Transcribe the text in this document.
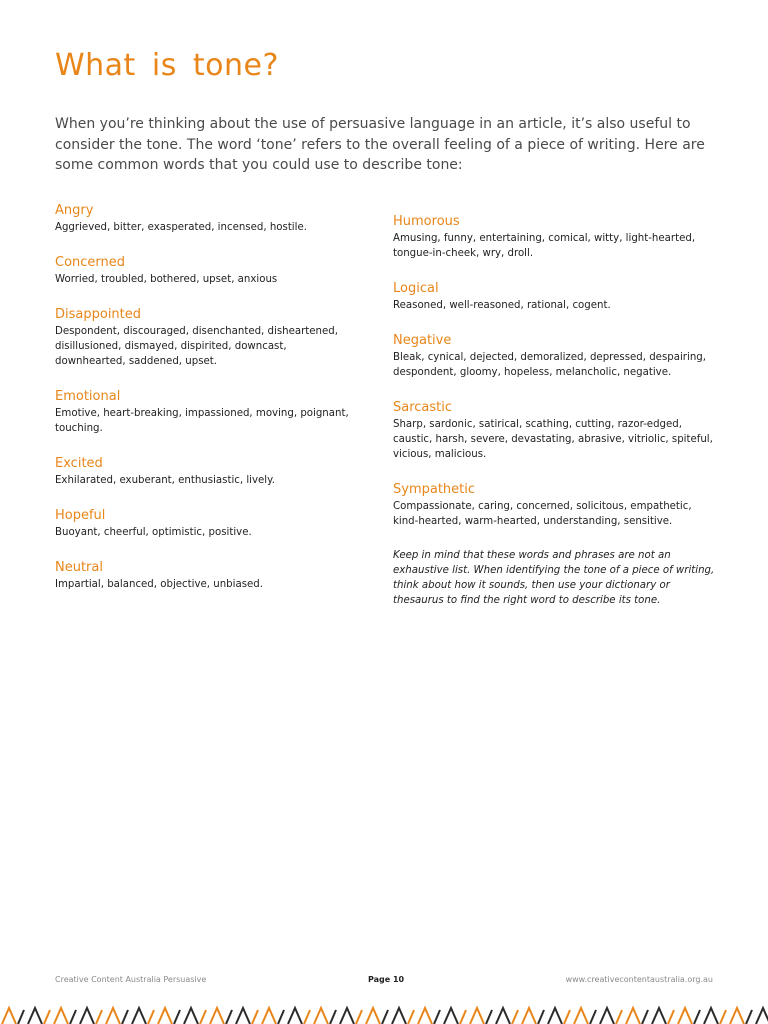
What is tone?

When you’re thinking about the use of persuasive language in an article, it’s also useful to consider the tone. The word ‘tone’ refers to the overall feeling of a piece of writing. Here are some common words that you could use to describe tone:

Angry

Aggrieved, bitter, exasperated, incensed, hostile.

Concerned

Worried, troubled, bothered, upset, anxious

Disappointed

Despondent, discouraged, disenchanted, disheartened, disillusioned, dismayed, dispirited, downcast, downhearted, saddened, upset.

Emotional

Emotive, heart-breaking, impassioned, moving, poignant, touching.

Excited

Exhilarated, exuberant, enthusiastic, lively.

Hopeful

Buoyant, cheerful, optimistic, positive.

Neutral

Impartial, balanced, objective, unbiased.

Humorous

Amusing, funny, entertaining, comical, witty, light-hearted, tongue-in-cheek, wry, droll.

Logical

Reasoned, well-reasoned, rational, cogent.

Negative

Bleak, cynical, dejected, demoralized, depressed, despairing, despondent, gloomy, hopeless, melancholic, negative.

Sarcastic

Sharp, sardonic, satirical, scathing, cutting, razor-edged, caustic, harsh, severe, devastating, abrasive, vitriolic, spiteful, vicious, malicious.

Sympathetic

Compassionate, caring, concerned, solicitous, empathetic, kind-hearted, warm-hearted, understanding, sensitive.

Keep in mind that these words and phrases are not an exhaustive list. When identifying the tone of a piece of writing, think about how it sounds, then use your dictionary or thesaurus to find the right word to describe its tone.

Creative Content Australia Persuasive	Page 10	www.creativecontentaustralia.org.au
